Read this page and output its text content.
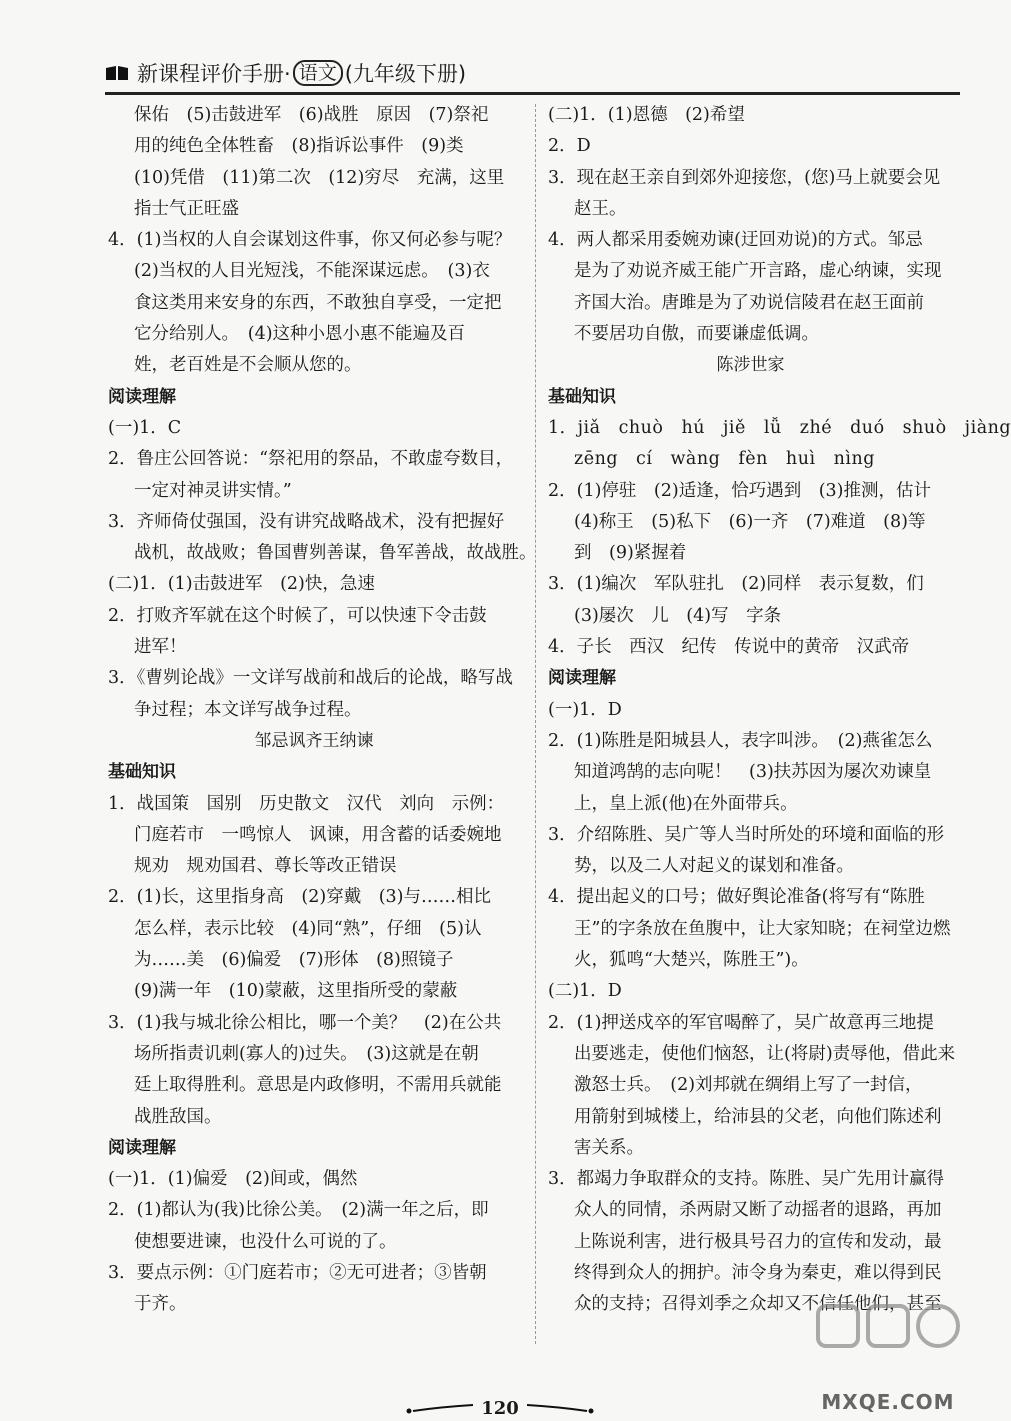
新课程评价手册· 语文 (九年级下册)
保佑　(5)击鼓进军　(6)战胜　原因　(7)祭祀
用的纯色全体牲畜　(8)指诉讼事件　(9)类
(10)凭借　(11)第二次　(12)穷尽　充满，这里
指士气正旺盛
4．(1)当权的人自会谋划这件事，你又何必参与呢？
(2)当权的人目光短浅，不能深谋远虑。　(3)衣
食这类用来安身的东西，不敢独自享受，一定把
它分给别人。　(4)这种小恩小惠不能遍及百
姓，老百姓是不会顺从您的。
阅读理解
(一)1．C
2．鲁庄公回答说：“祭祀用的祭品，不敢虚夸数目，
一定对神灵讲实情。”
3．齐师倚仗强国，没有讲究战略战术，没有把握好
战机，故战败；鲁国曹刿善谋，鲁军善战，故战胜。
(二)1．(1)击鼓进军　(2)快，急速
2．打败齐军就在这个时候了，可以快速下令击鼓
进军！
3．《曹刿论战》一文详写战前和战后的论战，略写战
争过程；本文详写战争过程。
邹忌讽齐王纳谏
基础知识
1．战国策　国别　历史散文　汉代　刘向　示例：
门庭若市　一鸣惊人　讽谏，用含蓄的话委婉地
规劝　规劝国君、尊长等改正错误
2．(1)长，这里指身高　(2)穿戴　(3)与……相比
怎么样，表示比较　(4)同“熟”，仔细　(5)认
为……美　(6)偏爱　(7)形体　(8)照镜子
(9)满一年　(10)蒙蔽，这里指所受的蒙蔽
3．(1)我与城北徐公相比，哪一个美？　(2)在公共
场所指责讥刺(寡人的)过失。　(3)这就是在朝
廷上取得胜利。意思是内政修明，不需用兵就能
战胜敌国。
阅读理解
(一)1．(1)偏爱　(2)间或，偶然
2．(1)都认为(我)比徐公美。　(2)满一年之后，即
使想要进谏，也没什么可说的了。
3．要点示例：①门庭若市；②无可进者；③皆朝
于齐。
(二)1．(1)恩德　(2)希望
2．D
3．现在赵王亲自到郊外迎接您，(您)马上就要会见
赵王。
4．两人都采用委婉劝谏(迂回劝说)的方式。邹忌
是为了劝说齐威王能广开言路，虚心纳谏，实现
齐国大治。唐雎是为了劝说信陵君在赵王面前
不要居功自傲，而要谦虚低调。
陈涉世家
基础知识
1．jiǎ　chuò　hú　jiě　lǚ　zhé　duó　shuò　jiàng
zēng　cí　wàng　fèn　huì　nìng
2．(1)停驻　(2)适逢，恰巧遇到　(3)推测，估计
(4)称王　(5)私下　(6)一齐　(7)难道　(8)等
到　(9)紧握着
3．(1)编次　军队驻扎　(2)同样　表示复数，们
(3)屡次　儿　(4)写　字条
4．子长　西汉　纪传　传说中的黄帝　汉武帝
阅读理解
(一)1．D
2．(1)陈胜是阳城县人，表字叫涉。　(2)燕雀怎么
知道鸿鹄的志向呢！　(3)扶苏因为屡次劝谏皇
上，皇上派(他)在外面带兵。
3．介绍陈胜、吴广等人当时所处的环境和面临的形
势，以及二人对起义的谋划和准备。
4．提出起义的口号；做好舆论准备(将写有“陈胜
王”的字条放在鱼腹中，让大家知晓；在祠堂边燃
火，狐鸣“大楚兴，陈胜王”)。
(二)1．D
2．(1)押送戍卒的军官喝醉了，吴广故意再三地提
出要逃走，使他们恼怒，让(将尉)责辱他，借此来
激怒士兵。　(2)刘邦就在绸绢上写了一封信，
用箭射到城楼上，给沛县的父老，向他们陈述利
害关系。
3．都竭力争取群众的支持。陈胜、吴广先用计赢得
众人的同情，杀两尉又断了动摇者的退路，再加
上陈说利害，进行极具号召力的宣传和发动，最
终得到众人的拥护。沛令身为秦吏，难以得到民
众的支持；召得刘季之众却又不信任他们，甚至
120	MXQE.COM
